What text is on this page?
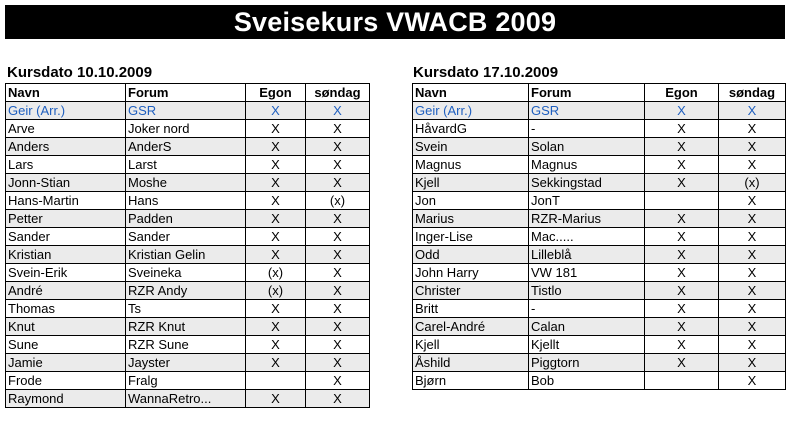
Sveisekurs VWACB 2009
Kursdato 10.10.2009
Navn	Forum	Egon	søndag
Geir (Arr.)	GSR	X	X
Arve	Joker nord	X	X
Anders	AnderS	X	X
Lars	Larst	X	X
Jonn-Stian	Moshe	X	X
Hans-Martin	Hans	X	(x)
Petter	Padden	X	X
Sander	Sander	X	X
Kristian	Kristian Gelin	X	X
Svein-Erik	Sveineka	(x)	X
André	RZR Andy	(x)	X
Thomas	Ts	X	X
Knut	RZR Knut	X	X
Sune	RZR Sune	X	X
Jamie	Jayster	X	X
Frode	Fralg		X
Raymond	WannaRetro...	X	X
Kursdato 17.10.2009
Navn	Forum	Egon	søndag
Geir (Arr.)	GSR	X	X
HåvardG	-	X	X
Svein	Solan	X	X
Magnus	Magnus	X	X
Kjell	Sekkingstad	X	(x)
Jon	JonT		X
Marius	RZR-Marius	X	X
Inger-Lise	Mac.....	X	X
Odd	Lilleblå	X	X
John Harry	VW 181	X	X
Christer	Tistlo	X	X
Britt	-	X	X
Carel-André	Calan	X	X
Kjell	Kjellt	X	X
Åshild	Piggtorn	X	X
Bjørn	Bob		X
